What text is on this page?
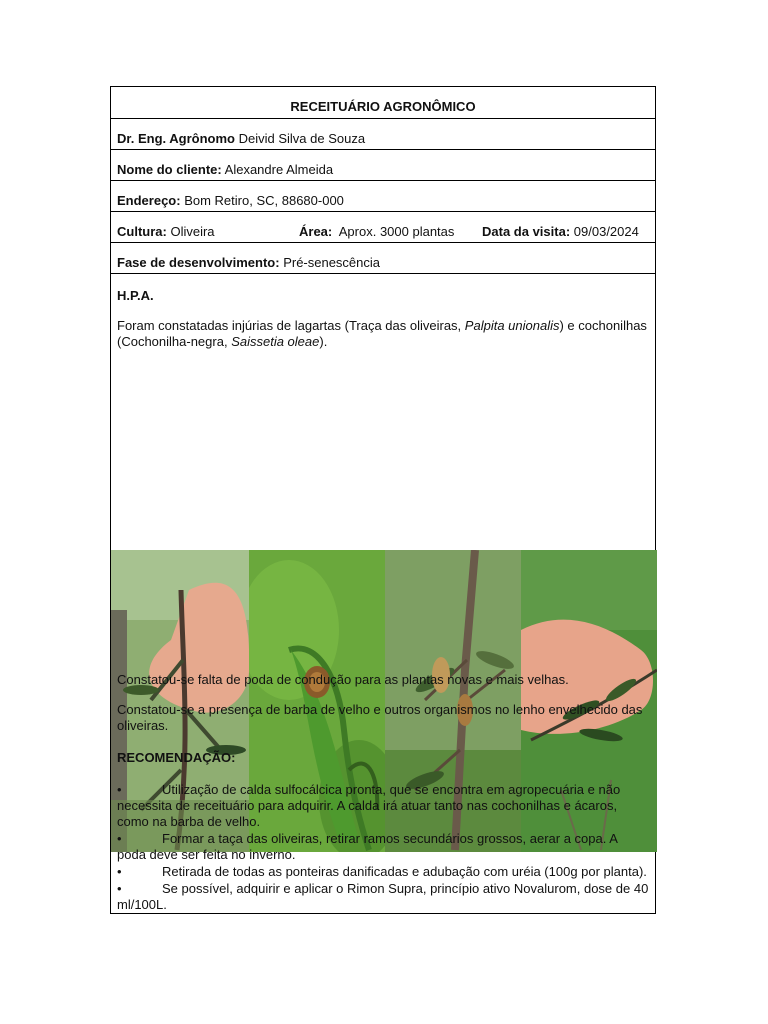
RECEITUÁRIO AGRONÔMICO
Dr. Eng. Agrônomo Deivid Silva de Souza
Nome do cliente: Alexandre Almeida
Endereço: Bom Retiro, SC, 88680-000
Cultura: Oliveira	Área: Aprox. 3000 plantas	Data da visita: 09/03/2024
Fase de desenvolvimento: Pré-senescência
H.P.A.
Foram constatadas injúrias de lagartas (Traça das oliveiras, Palpita unionalis) e cochonilhas (Cochonilha-negra, Saissetia oleae).
Constatou-se falta de poda de condução para as plantas novas e mais velhas.
Constatou-se a presença de barba de velho e outros organismos no lenho envelhecido das oliveiras.
RECOMENDAÇÃO:
•	Utilização de calda sulfocálcica pronta, que se encontra em agropecuária e não necessita de receituário para adquirir. A calda irá atuar tanto nas cochonilhas e ácaros, como na barba de velho.
•	Formar a taça das oliveiras, retirar ramos secundários grossos, aerar a copa. A poda deve ser feita no inverno.
•	Retirada de todas as ponteiras danificadas e adubação com uréia (100g por planta).
•	Se possível, adquirir e aplicar o Rimon Supra, princípio ativo Novalurom, dose de 40 ml/100L.
